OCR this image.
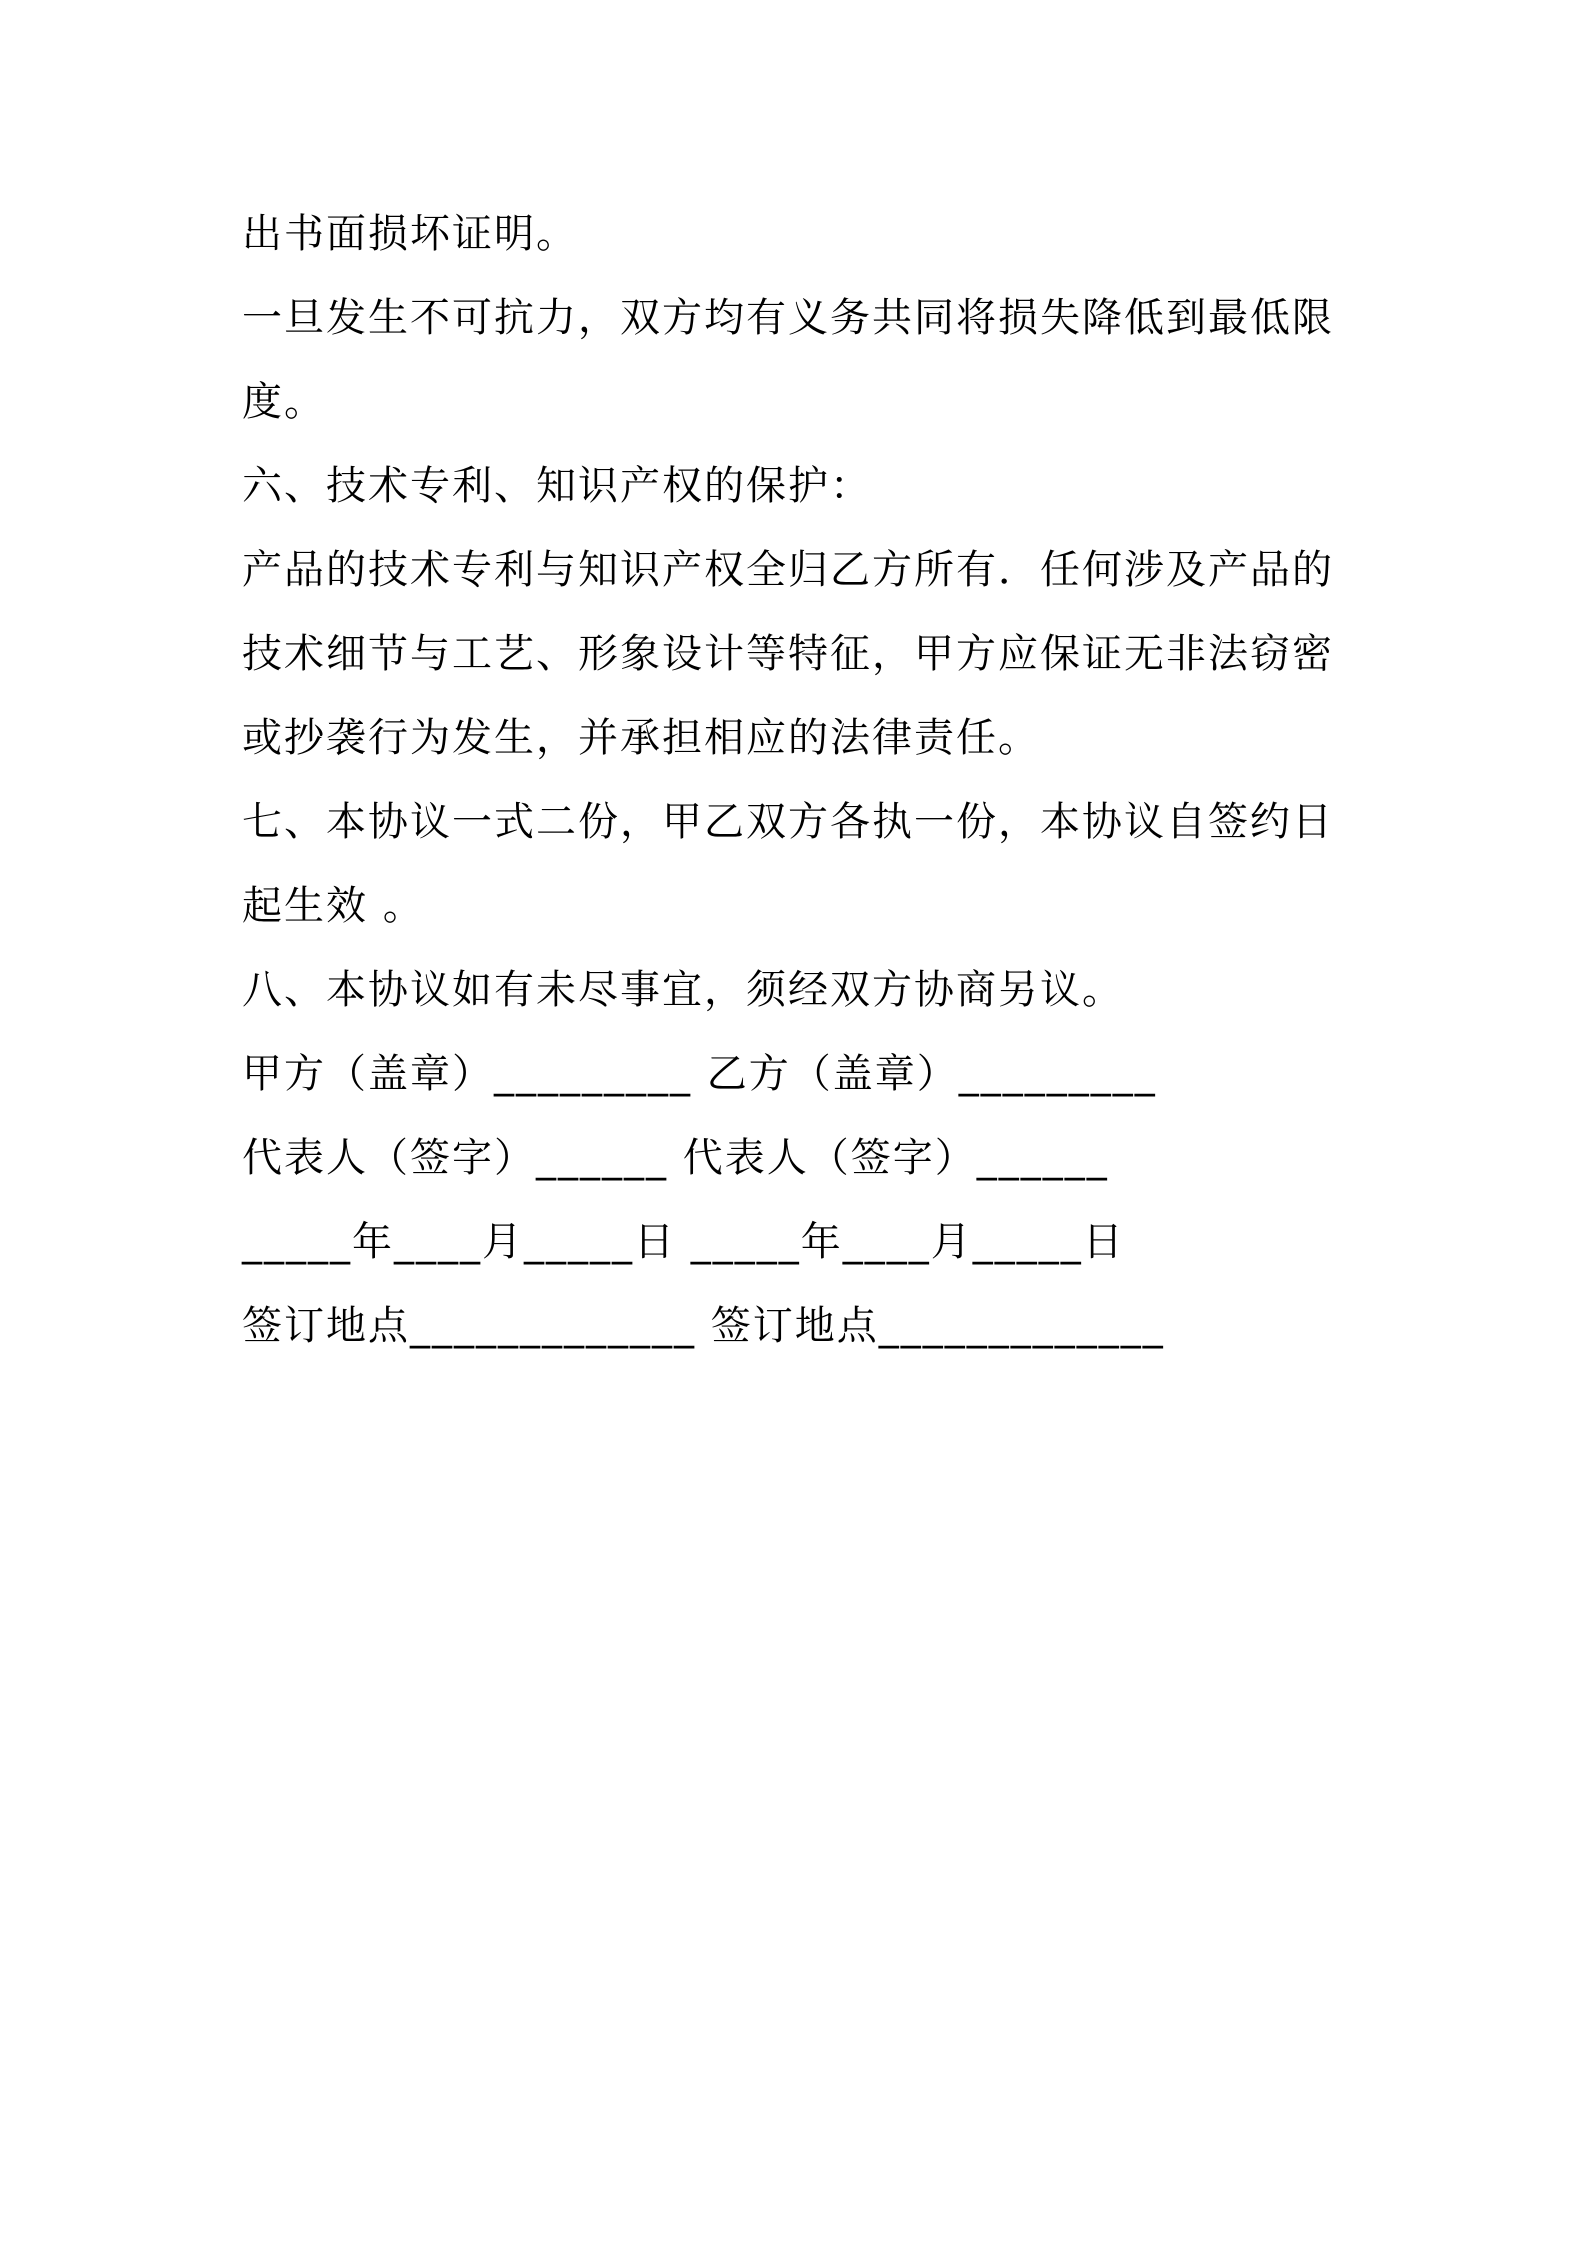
出书面损坏证明。
一旦发生不可抗力，双方均有义务共同将损失降低到最低限
度。
六、技术专利、知识产权的保护：
产品的技术专利与知识产权全归乙方所有．任何涉及产品的
技术细节与工艺、形象设计等特征，甲方应保证无非法窃密
或抄袭行为发生，并承担相应的法律责任。
七、本协议一式二份，甲乙双方各执一份，本协议自签约日
起生效 。
八、本协议如有未尽事宜，须经双方协商另议。
甲方（盖章）_________ 乙方（盖章）_________
代表人（签字）______ 代表人（签字）______
_____年____月_____日 _____年____月_____日
签订地点_____________ 签订地点_____________
